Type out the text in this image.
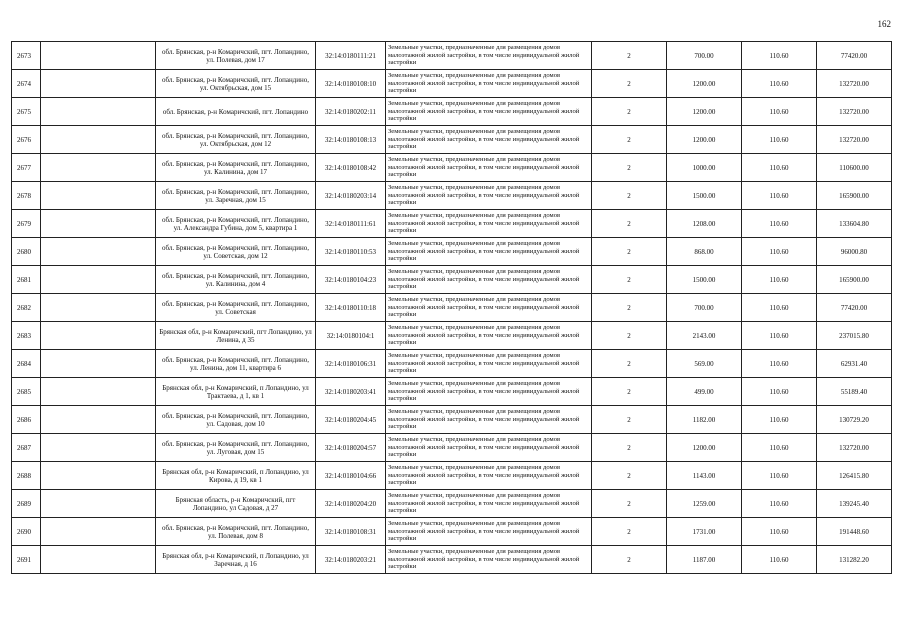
162
2673		обл. Брянская, р-н Комаричский, пгт. Лопандино, ул. Полевая, дом 17	32:14:0180111:21	Земельные участки, предназначенные для размещения домов малоэтажной жилой застройки, в том числе индивидуальной жилой застройки	2	700.00	110.60	77420.00
2674		обл. Брянская, р-н Комаричский, пгт. Лопандино, ул. Октябрьская, дом 15	32:14:0180108:10	Земельные участки, предназначенные для размещения домов малоэтажной жилой застройки, в том числе индивидуальной жилой застройки	2	1200.00	110.60	132720.00
2675		обл. Брянская, р-н Комаричский, пгт. Лопандино	32:14:0180202:11	Земельные участки, предназначенные для размещения домов малоэтажной жилой застройки, в том числе индивидуальной жилой застройки	2	1200.00	110.60	132720.00
2676		обл. Брянская, р-н Комаричский, пгт. Лопандино, ул. Октябрьская, дом 12	32:14:0180108:13	Земельные участки, предназначенные для размещения домов малоэтажной жилой застройки, в том числе индивидуальной жилой застройки	2	1200.00	110.60	132720.00
2677		обл. Брянская, р-н Комаричский, пгт. Лопандино, ул. Калинина, дом 17	32:14:0180108:42	Земельные участки, предназначенные для размещения домов малоэтажной жилой застройки, в том числе индивидуальной жилой застройки	2	1000.00	110.60	110600.00
2678		обл. Брянская, р-н Комаричский, пгт. Лопандино, ул. Заречная, дом 15	32:14:0180203:14	Земельные участки, предназначенные для размещения домов малоэтажной жилой застройки, в том числе индивидуальной жилой застройки	2	1500.00	110.60	165900.00
2679		обл. Брянская, р-н Комаричский, пгт. Лопандино, ул. Александра Губина, дом 5, квартира 1	32:14:0180111:61	Земельные участки, предназначенные для размещения домов малоэтажной жилой застройки, в том числе индивидуальной жилой застройки	2	1208.00	110.60	133604.80
2680		обл. Брянская, р-н Комаричский, пгт. Лопандино, ул. Советская, дом 12	32:14:0180110:53	Земельные участки, предназначенные для размещения домов малоэтажной жилой застройки, в том числе индивидуальной жилой застройки	2	868.00	110.60	96000.80
2681		обл. Брянская, р-н Комаричский, пгт. Лопандино, ул. Калинина, дом 4	32:14:0180104:23	Земельные участки, предназначенные для размещения домов малоэтажной жилой застройки, в том числе индивидуальной жилой застройки	2	1500.00	110.60	165900.00
2682		обл. Брянская, р-н Комаричский, пгт. Лопандино, ул. Советская	32:14:0180110:18	Земельные участки, предназначенные для размещения домов малоэтажной жилой застройки, в том числе индивидуальной жилой застройки	2	700.00	110.60	77420.00
2683		Брянская обл, р-н Комаричский, пгт Лопандино, ул Ленина, д 35	32:14:0180104:1	Земельные участки, предназначенные для размещения домов малоэтажной жилой застройки, в том числе индивидуальной жилой застройки	2	2143.00	110.60	237015.80
2684		обл. Брянская, р-н Комаричский, пгт. Лопандино, ул. Ленина, дом 11, квартира 6	32:14:0180106:31	Земельные участки, предназначенные для размещения домов малоэтажной жилой застройки, в том числе индивидуальной жилой застройки	2	569.00	110.60	62931.40
2685		Брянская обл, р-н Комаричский, п Лопандино, ул Трактаева, д 1, кв 1	32:14:0180203:41	Земельные участки, предназначенные для размещения домов малоэтажной жилой застройки, в том числе индивидуальной жилой застройки	2	499.00	110.60	55189.40
2686		обл. Брянская, р-н Комаричский, пгт. Лопандино, ул. Садовая, дом 10	32:14:0180204:45	Земельные участки, предназначенные для размещения домов малоэтажной жилой застройки, в том числе индивидуальной жилой застройки	2	1182.00	110.60	130729.20
2687		обл. Брянская, р-н Комаричский, пгт. Лопандино, ул. Луговая, дом 15	32:14:0180204:57	Земельные участки, предназначенные для размещения домов малоэтажной жилой застройки, в том числе индивидуальной жилой застройки	2	1200.00	110.60	132720.00
2688		Брянская обл, р-н Комаричский, п Лопандино, ул Кирова, д 19, кв 1	32:14:0180104:66	Земельные участки, предназначенные для размещения домов малоэтажной жилой застройки, в том числе индивидуальной жилой застройки	2	1143.00	110.60	126415.80
2689		Брянская область, р-н Комаричский, пгт Лопандино, ул Садовая, д 27	32:14:0180204:20	Земельные участки, предназначенные для размещения домов малоэтажной жилой застройки, в том числе индивидуальной жилой застройки	2	1259.00	110.60	139245.40
2690		обл. Брянская, р-н Комаричский, пгт. Лопандино, ул. Полевая, дом 8	32:14:0180108:31	Земельные участки, предназначенные для размещения домов малоэтажной жилой застройки, в том числе индивидуальной жилой застройки	2	1731.00	110.60	191448.60
2691		Брянская обл, р-н Комаричский, п Лопандино, ул Заречная, д 16	32:14:0180203:21	Земельные участки, предназначенные для размещения домов малоэтажной жилой застройки, в том числе индивидуальной жилой застройки	2	1187.00	110.60	131282.20
